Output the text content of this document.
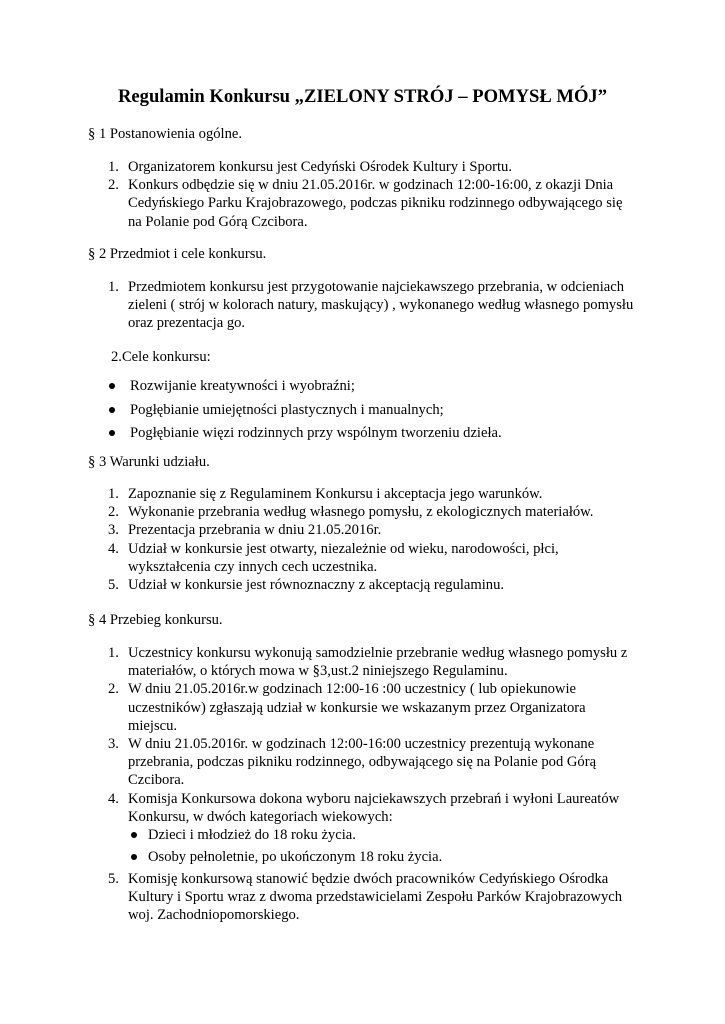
Regulamin Konkursu „ZIELONY STRÓJ – POMYSŁ MÓJ”
§ 1 Postanowienia ogólne.
1. Organizatorem konkursu jest Cedyński Ośrodek Kultury i Sportu.
2. Konkurs odbędzie się w dniu 21.05.2016r. w godzinach 12:00-16:00, z okazji Dnia
Cedyńskiego Parku Krajobrazowego, podczas pikniku rodzinnego odbywającego się
na Polanie pod Górą Czcibora.
§ 2 Przedmiot i cele konkursu.
1. Przedmiotem konkursu jest przygotowanie najciekawszego przebrania, w odcieniach
zieleni ( strój w kolorach natury, maskujący) , wykonanego według własnego pomysłu
oraz prezentacja go.
2.Cele konkursu:
Rozwijanie kreatywności i wyobraźni;
Pogłębianie umiejętności plastycznych i manualnych;
Pogłębianie więzi rodzinnych przy wspólnym tworzeniu dzieła.
§ 3 Warunki udziału.
1. Zapoznanie się z Regulaminem Konkursu i akceptacja jego warunków.
2. Wykonanie przebrania według własnego pomysłu, z ekologicznych materiałów.
3. Prezentacja przebrania w dniu 21.05.2016r.
4. Udział w konkursie jest otwarty, niezależnie od wieku, narodowości, płci,
wykształcenia czy innych cech uczestnika.
5. Udział w konkursie jest równoznaczny z akceptacją regulaminu.
§ 4 Przebieg konkursu.
1. Uczestnicy konkursu wykonują samodzielnie przebranie według własnego pomysłu z
materiałów, o których mowa w §3,ust.2 niniejszego Regulaminu.
2. W dniu 21.05.2016r.w godzinach 12:00-16 :00 uczestnicy ( lub opiekunowie
uczestników) zgłaszają udział w konkursie we wskazanym przez Organizatora
miejscu.
3. W dniu 21.05.2016r. w godzinach 12:00-16:00 uczestnicy prezentują wykonane
przebrania, podczas pikniku rodzinnego, odbywającego się na Polanie pod Górą
Czcibora.
4. Komisja Konkursowa dokona wyboru najciekawszych przebrań i wyłoni Laureatów
Konkursu, w dwóch kategoriach wiekowych:
Dzieci i młodzież do 18 roku życia.
Osoby pełnoletnie, po ukończonym 18 roku życia.
5. Komisję konkursową stanowić będzie dwóch pracowników Cedyńskiego Ośrodka
Kultury i Sportu wraz z dwoma przedstawicielami Zespołu Parków Krajobrazowych
woj. Zachodniopomorskiego.
